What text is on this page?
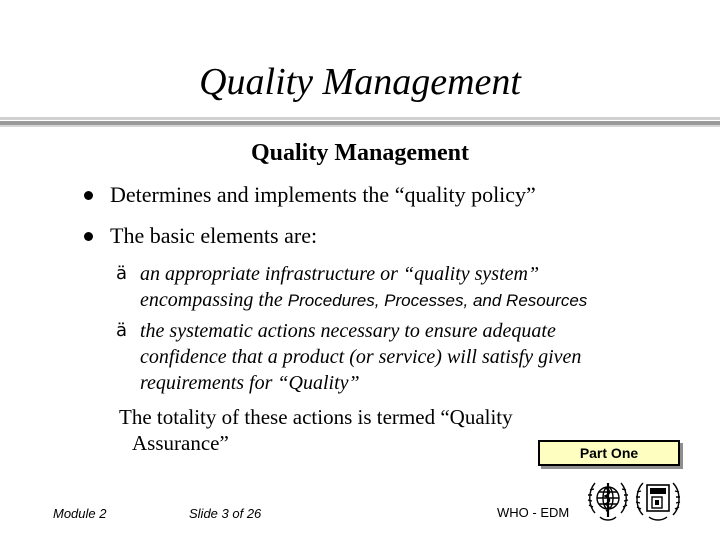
Quality Management
Quality Management
Determines and implements the “quality policy”
The basic elements are:
ä an appropriate infrastructure or “quality system”
encompassing the Procedures, Processes, and Resources
ä the systematic actions necessary to ensure adequate
confidence that a product (or service) will satisfy given
requirements for “Quality”
The totality of these actions is termed “Quality
Assurance”	Part One
Module 2	Slide 3 of 26	WHO - EDM
